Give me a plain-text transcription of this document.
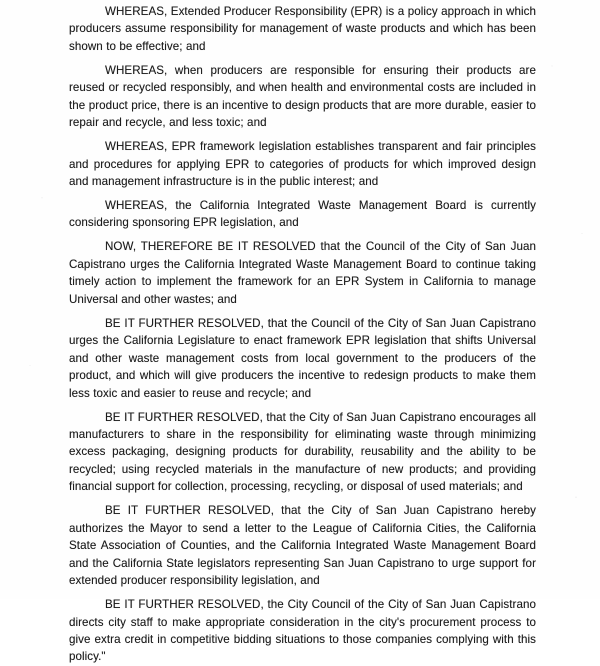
WHEREAS, Extended Producer Responsibility (EPR) is a policy approach in which producers assume responsibility for management of waste products and which has been shown to be effective; and

WHEREAS, when producers are responsible for ensuring their products are reused or recycled responsibly, and when health and environmental costs are included in the product price, there is an incentive to design products that are more durable, easier to repair and recycle, and less toxic; and

WHEREAS, EPR framework legislation establishes transparent and fair principles and procedures for applying EPR to categories of products for which improved design and management infrastructure is in the public interest; and

WHEREAS, the California Integrated Waste Management Board is currently considering sponsoring EPR legislation, and

NOW, THEREFORE BE IT RESOLVED that the Council of the City of San Juan Capistrano urges the California Integrated Waste Management Board to continue taking timely action to implement the framework for an EPR System in California to manage Universal and other wastes; and

BE IT FURTHER RESOLVED, that the Council of the City of San Juan Capistrano urges the California Legislature to enact framework EPR legislation that shifts Universal and other waste management costs from local government to the producers of the product, and which will give producers the incentive to redesign products to make them less toxic and easier to reuse and recycle; and

BE IT FURTHER RESOLVED, that the City of San Juan Capistrano encourages all manufacturers to share in the responsibility for eliminating waste through minimizing excess packaging, designing products for durability, reusability and the ability to be recycled; using recycled materials in the manufacture of new products; and providing financial support for collection, processing, recycling, or disposal of used materials; and

BE IT FURTHER RESOLVED, that the City of San Juan Capistrano hereby authorizes the Mayor to send a letter to the League of California Cities, the California State Association of Counties, and the California Integrated Waste Management Board and the California State legislators representing San Juan Capistrano to urge support for extended producer responsibility legislation, and

BE IT FURTHER RESOLVED, the City Council of the City of San Juan Capistrano directs city staff to make appropriate consideration in the city's procurement process to give extra credit in competitive bidding situations to those companies complying with this policy."
